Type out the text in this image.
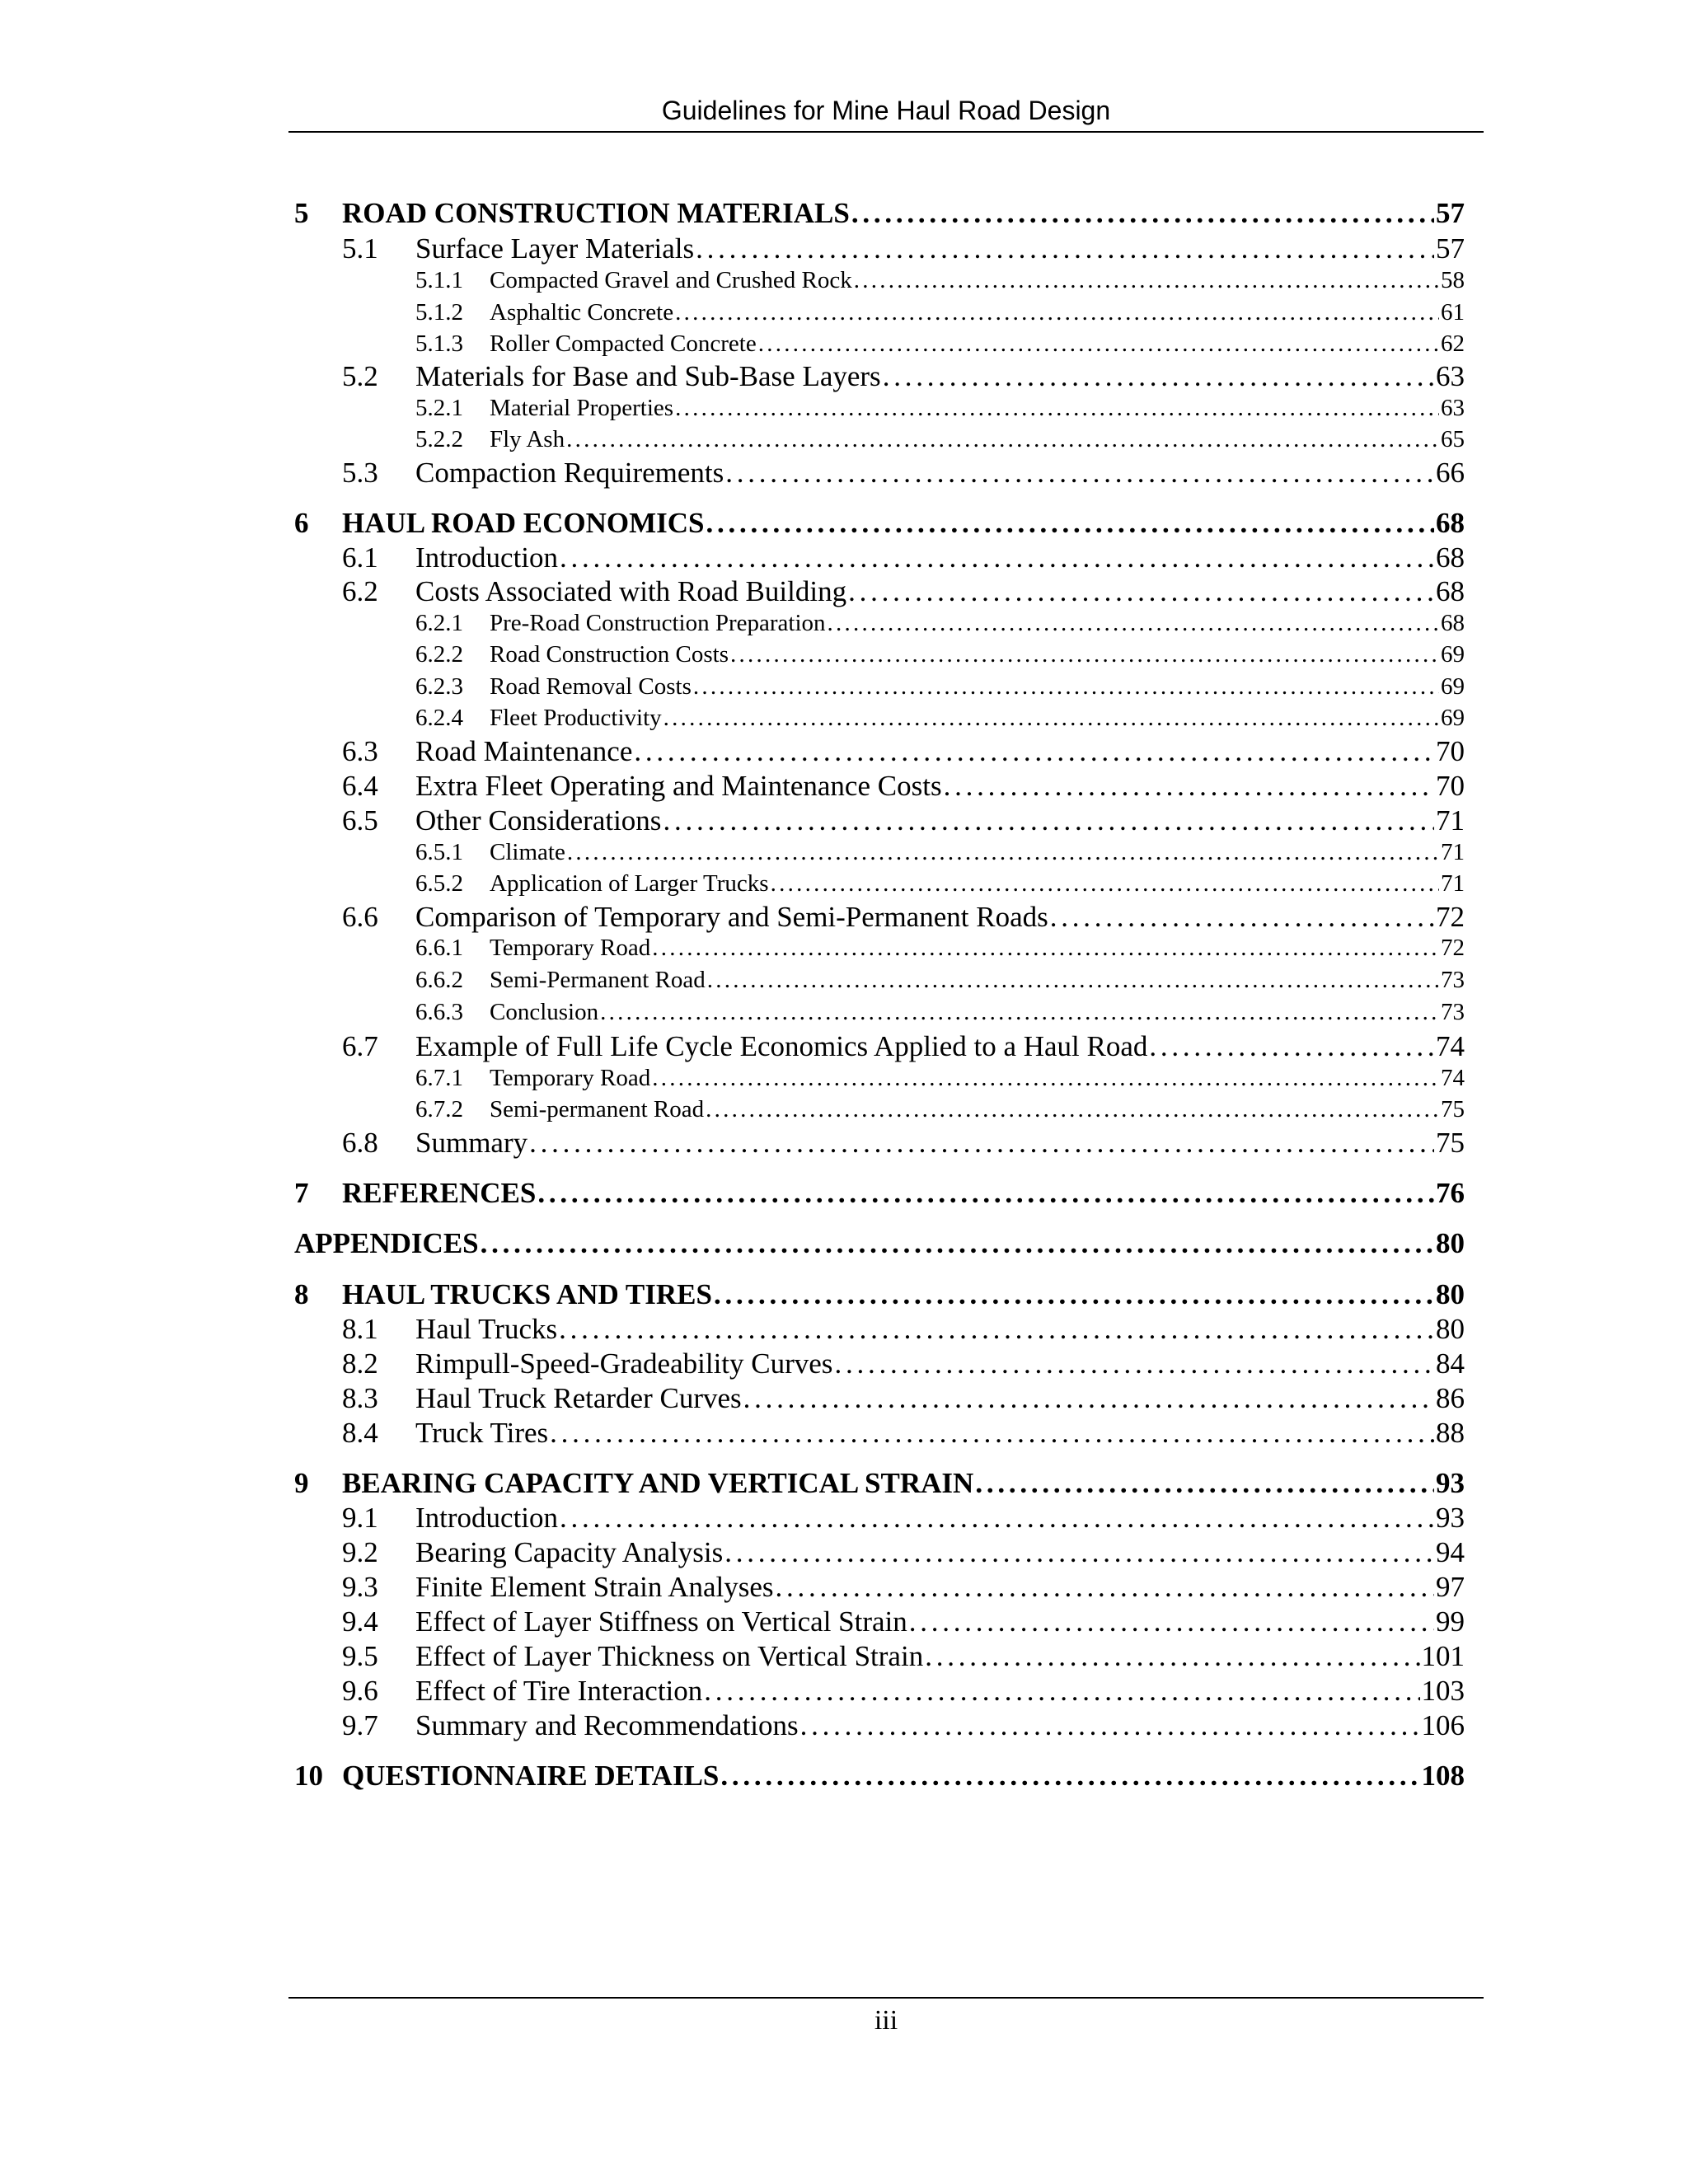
Guidelines for Mine Haul Road Design
5	ROAD CONSTRUCTION MATERIALS . . .	57
5.1	Surface Layer Materials . . .	57
5.1.1	Compacted Gravel and Crushed Rock . . .	58
5.1.2	Asphaltic Concrete . . .	61
5.1.3	Roller Compacted Concrete . . .	62
5.2	Materials for Base and Sub-Base Layers . . .	63
5.2.1	Material Properties . . .	63
5.2.2	Fly Ash . . .	65
5.3	Compaction Requirements . . .	66
6	HAUL ROAD ECONOMICS . . .	68
6.1	Introduction . . .	68
6.2	Costs Associated with Road Building . . .	68
6.2.1	Pre-Road Construction Preparation . . .	68
6.2.2	Road Construction Costs . . .	69
6.2.3	Road Removal Costs . . .	69
6.2.4	Fleet Productivity . . .	69
6.3	Road Maintenance . . .	70
6.4	Extra Fleet Operating and Maintenance Costs . . .	70
6.5	Other Considerations . . .	71
6.5.1	Climate . . .	71
6.5.2	Application of Larger Trucks . . .	71
6.6	Comparison of Temporary and Semi-Permanent Roads . . .	72
6.6.1	Temporary Road . . .	72
6.6.2	Semi-Permanent Road . . .	73
6.6.3	Conclusion . . .	73
6.7	Example of Full Life Cycle Economics Applied to a Haul Road . . .	74
6.7.1	Temporary Road . . .	74
6.7.2	Semi-permanent Road . . .	75
6.8	Summary . . .	75
7	REFERENCES . . .	76
APPENDICES . . .	80
8	HAUL TRUCKS AND TIRES . . .	80
8.1	Haul Trucks . . .	80
8.2	Rimpull-Speed-Gradeability Curves . . .	84
8.3	Haul Truck Retarder Curves . . .	86
8.4	Truck Tires . . .	88
9	BEARING CAPACITY AND VERTICAL STRAIN . . .	93
9.1	Introduction . . .	93
9.2	Bearing Capacity Analysis . . .	94
9.3	Finite Element Strain Analyses . . .	97
9.4	Effect of Layer Stiffness on Vertical Strain . . .	99
9.5	Effect of Layer Thickness on Vertical Strain . . .	101
9.6	Effect of Tire Interaction . . .	103
9.7	Summary and Recommendations . . .	106
10 QUESTIONNAIRE DETAILS . . .	108
iii
